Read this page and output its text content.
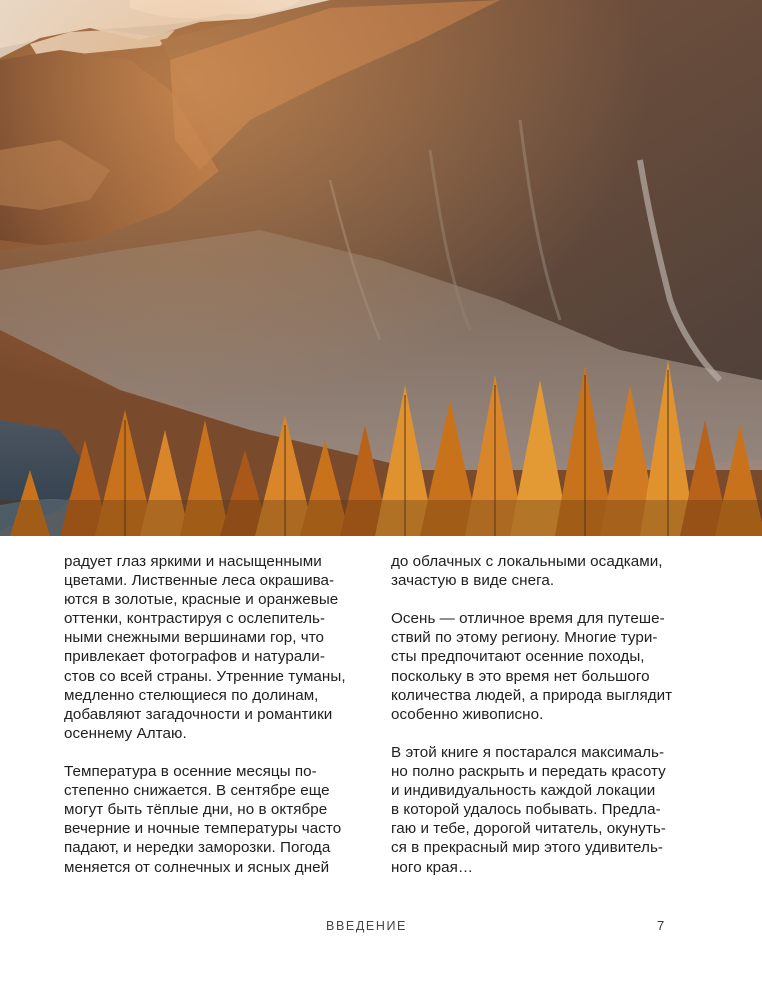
радует глаз яркими и насыщенными
цветами. Лиственные леса окрашива-
ются в золотые, красные и оранжевые
оттенки, контрастируя с ослепитель-
ными снежными вершинами гор, что
привлекает фотографов и натурали-
стов со всей страны. Утренние туманы,
медленно стелющиеся по долинам,
добавляют загадочности и романтики
осеннему Алтаю.

Температура в осенние месяцы по-
степенно снижается. В сентябре еще
могут быть тёплые дни, но в октябре
вечерние и ночные температуры часто
падают, и нередки заморозки. Погода
меняется от солнечных и ясных дней

до облачных с локальными осадками,
зачастую в виде снега.

Осень — отличное время для путеше-
ствий по этому региону. Многие тури-
сты предпочитают осенние походы,
поскольку в это время нет большого
количества людей, а природа выглядит
особенно живописно.

В этой книге я постарался максималь-
но полно раскрыть и передать красоту
и индивидуальность каждой локации
в которой удалось побывать. Предла-
гаю и тебе, дорогой читатель, окунуть-
ся в прекрасный мир этого удивитель-
ного края…

ВВЕДЕНИЕ	7
